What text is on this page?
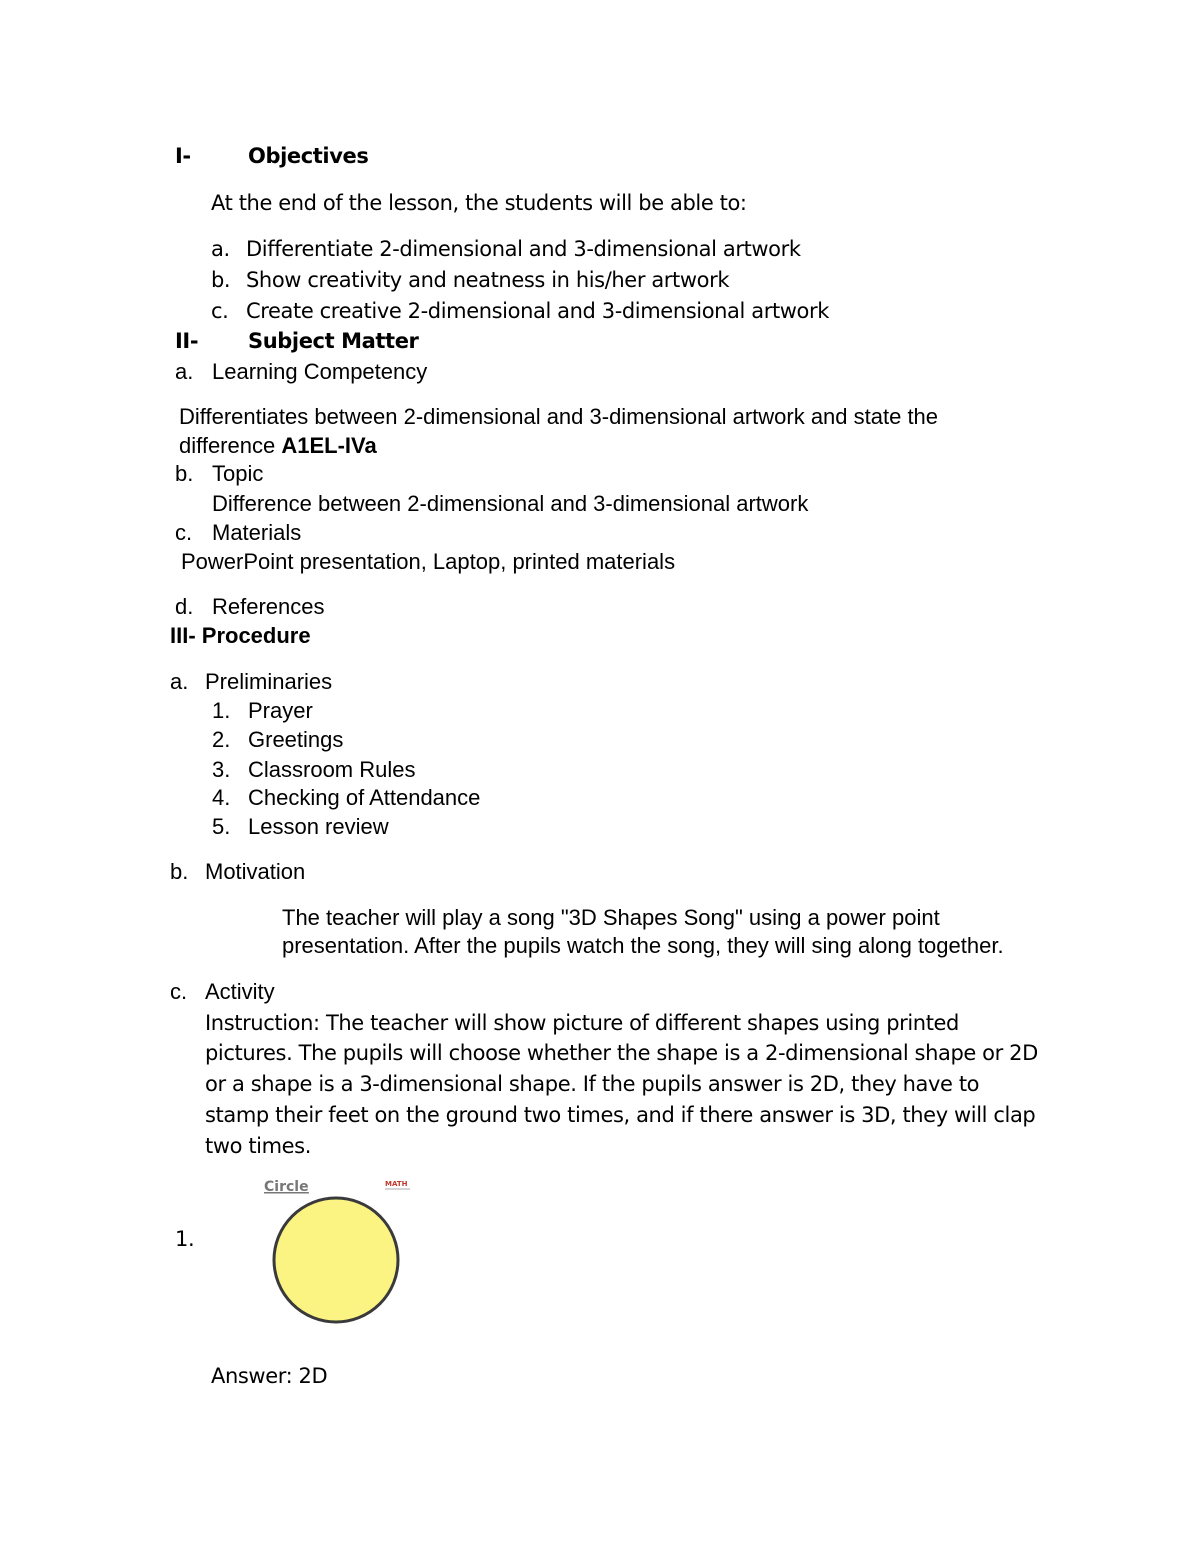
I-	Objectives
At the end of the lesson, the students will be able to:
a. Differentiate 2-dimensional and 3-dimensional artwork
b. Show creativity and neatness in his/her artwork
c. Create creative 2-dimensional and 3-dimensional artwork
II- Subject Matter
a. Learning Competency
Differentiates between 2-dimensional and 3-dimensional artwork and state the
difference A1EL-IVa
b. Topic
Difference between 2-dimensional and 3-dimensional artwork
c. Materials
PowerPoint presentation, Laptop, printed materials
d. References
III- Procedure
a. Preliminaries
1. Prayer
2. Greetings
3. Classroom Rules
4. Checking of Attendance
5. Lesson review
b. Motivation
The teacher will play a song "3D Shapes Song" using a power point
presentation. After the pupils watch the song, they will sing along together.
c. Activity
Instruction: The teacher will show picture of different shapes using printed
pictures. The pupils will choose whether the shape is a 2-dimensional shape or 2D
or a shape is a 3-dimensional shape. If the pupils answer is 2D, they have to
stamp their feet on the ground two times, and if there answer is 3D, they will clap
two times.
1.
Circle	MATH
Answer: 2D
